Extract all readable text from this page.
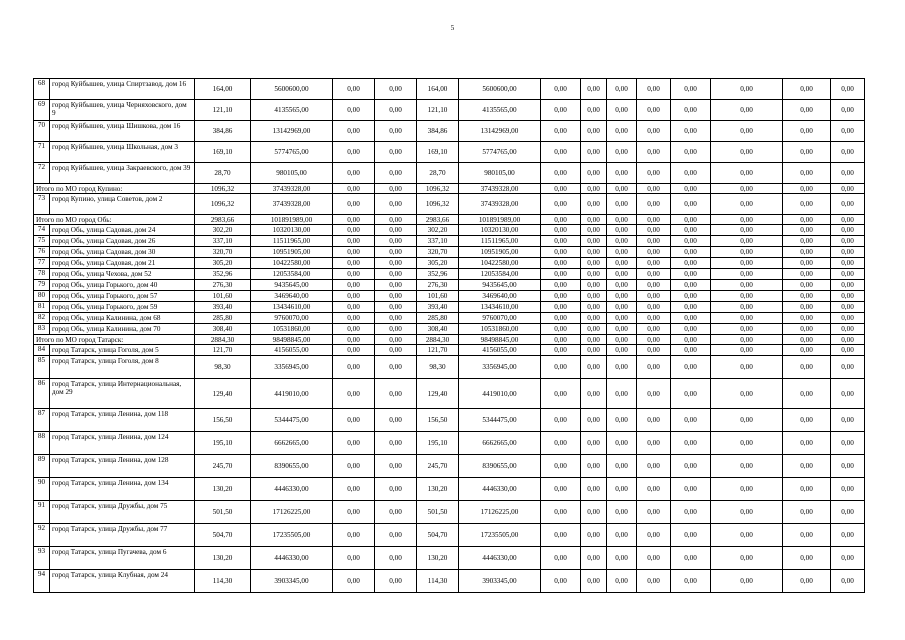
5
68	город Куйбышев, улица Спиртзавод, дом 16	164,00	5600600,00	0,00	0,00	164,00	5600600,00	0,00	0,00	0,00	0,00	0,00	0,00	0,00	0,00	
69	город Куйбышев, улица Черняховского, дом 9	121,10	4135565,00	0,00	0,00	121,10	4135565,00	0,00	0,00	0,00	0,00	0,00	0,00	0,00	0,00	
70	город Куйбышев, улица Шишкова, дом 16	384,86	13142969,00	0,00	0,00	384,86	13142969,00	0,00	0,00	0,00	0,00	0,00	0,00	0,00	0,00	
71	город Куйбышев, улица Школьная, дом 3	169,10	5774765,00	0,00	0,00	169,10	5774765,00	0,00	0,00	0,00	0,00	0,00	0,00	0,00	0,00	
72	город Куйбышев, улица Закраевского, дом 39	28,70	980105,00	0,00	0,00	28,70	980105,00	0,00	0,00	0,00	0,00	0,00	0,00	0,00	0,00	
Итого по МО город Купино:		1096,32	37439328,00	0,00	0,00	1096,32	37439328,00	0,00	0,00	0,00	0,00	0,00	0,00	0,00	0,00	
73	город Купино, улица Советов, дом 2	1096,32	37439328,00	0,00	0,00	1096,32	37439328,00	0,00	0,00	0,00	0,00	0,00	0,00	0,00	0,00	
Итого по МО город Обь:		2983,66	101891989,00	0,00	0,00	2983,66	101891989,00	0,00	0,00	0,00	0,00	0,00	0,00	0,00	0,00	
74	город Обь, улица Садовая, дом 24	302,20	10320130,00	0,00	0,00	302,20	10320130,00	0,00	0,00	0,00	0,00	0,00	0,00	0,00	0,00	
75	город Обь, улица Садовая, дом 26	337,10	11511965,00	0,00	0,00	337,10	11511965,00	0,00	0,00	0,00	0,00	0,00	0,00	0,00	0,00	
76	город Обь, улица Садовая, дом 30	320,70	10951905,00	0,00	0,00	320,70	10951905,00	0,00	0,00	0,00	0,00	0,00	0,00	0,00	0,00	
77	город Обь, улица Садовая, дом 21	305,20	10422580,00	0,00	0,00	305,20	10422580,00	0,00	0,00	0,00	0,00	0,00	0,00	0,00	0,00	
78	город Обь, улица Чехова, дом 52	352,96	12053584,00	0,00	0,00	352,96	12053584,00	0,00	0,00	0,00	0,00	0,00	0,00	0,00	0,00	
79	город Обь, улица Горького, дом 40	276,30	9435645,00	0,00	0,00	276,30	9435645,00	0,00	0,00	0,00	0,00	0,00	0,00	0,00	0,00	
80	город Обь, улица Горького, дом 57	101,60	3469640,00	0,00	0,00	101,60	3469640,00	0,00	0,00	0,00	0,00	0,00	0,00	0,00	0,00	
81	город Обь, улица Горького, дом 59	393,40	13434610,00	0,00	0,00	393,40	13434610,00	0,00	0,00	0,00	0,00	0,00	0,00	0,00	0,00	
82	город Обь, улица Калинина, дом 68	285,80	9760070,00	0,00	0,00	285,80	9760070,00	0,00	0,00	0,00	0,00	0,00	0,00	0,00	0,00	
83	город Обь, улица Калинина, дом 70	308,40	10531860,00	0,00	0,00	308,40	10531860,00	0,00	0,00	0,00	0,00	0,00	0,00	0,00	0,00	
Итого по МО город Татарск:		2884,30	98498845,00	0,00	0,00	2884,30	98498845,00	0,00	0,00	0,00	0,00	0,00	0,00	0,00	0,00	
84	город Татарск, улица Гоголя, дом 5	121,70	4156055,00	0,00	0,00	121,70	4156055,00	0,00	0,00	0,00	0,00	0,00	0,00	0,00	0,00	
85	город Татарск, улица Гоголя, дом 8	98,30	3356945,00	0,00	0,00	98,30	3356945,00	0,00	0,00	0,00	0,00	0,00	0,00	0,00	0,00	
86	город Татарск, улица Интернациональная, дом 29	129,40	4419010,00	0,00	0,00	129,40	4419010,00	0,00	0,00	0,00	0,00	0,00	0,00	0,00	0,00	
87	город Татарск, улица Ленина, дом 118	156,50	5344475,00	0,00	0,00	156,50	5344475,00	0,00	0,00	0,00	0,00	0,00	0,00	0,00	0,00	
88	город Татарск, улица Ленина, дом 124	195,10	6662665,00	0,00	0,00	195,10	6662665,00	0,00	0,00	0,00	0,00	0,00	0,00	0,00	0,00	
89	город Татарск, улица Ленина, дом 128	245,70	8390655,00	0,00	0,00	245,70	8390655,00	0,00	0,00	0,00	0,00	0,00	0,00	0,00	0,00	
90	город Татарск, улица Ленина, дом 134	130,20	4446330,00	0,00	0,00	130,20	4446330,00	0,00	0,00	0,00	0,00	0,00	0,00	0,00	0,00	
91	город Татарск, улица Дружбы, дом 75	501,50	17126225,00	0,00	0,00	501,50	17126225,00	0,00	0,00	0,00	0,00	0,00	0,00	0,00	0,00	
92	город Татарск, улица Дружбы, дом 77	504,70	17235505,00	0,00	0,00	504,70	17235505,00	0,00	0,00	0,00	0,00	0,00	0,00	0,00	0,00	
93	город Татарск, улица Пугачева, дом 6	130,20	4446330,00	0,00	0,00	130,20	4446330,00	0,00	0,00	0,00	0,00	0,00	0,00	0,00	0,00	
94	город Татарск, улица Клубная, дом 24	114,30	3903345,00	0,00	0,00	114,30	3903345,00	0,00	0,00	0,00	0,00	0,00	0,00	0,00	0,00	
